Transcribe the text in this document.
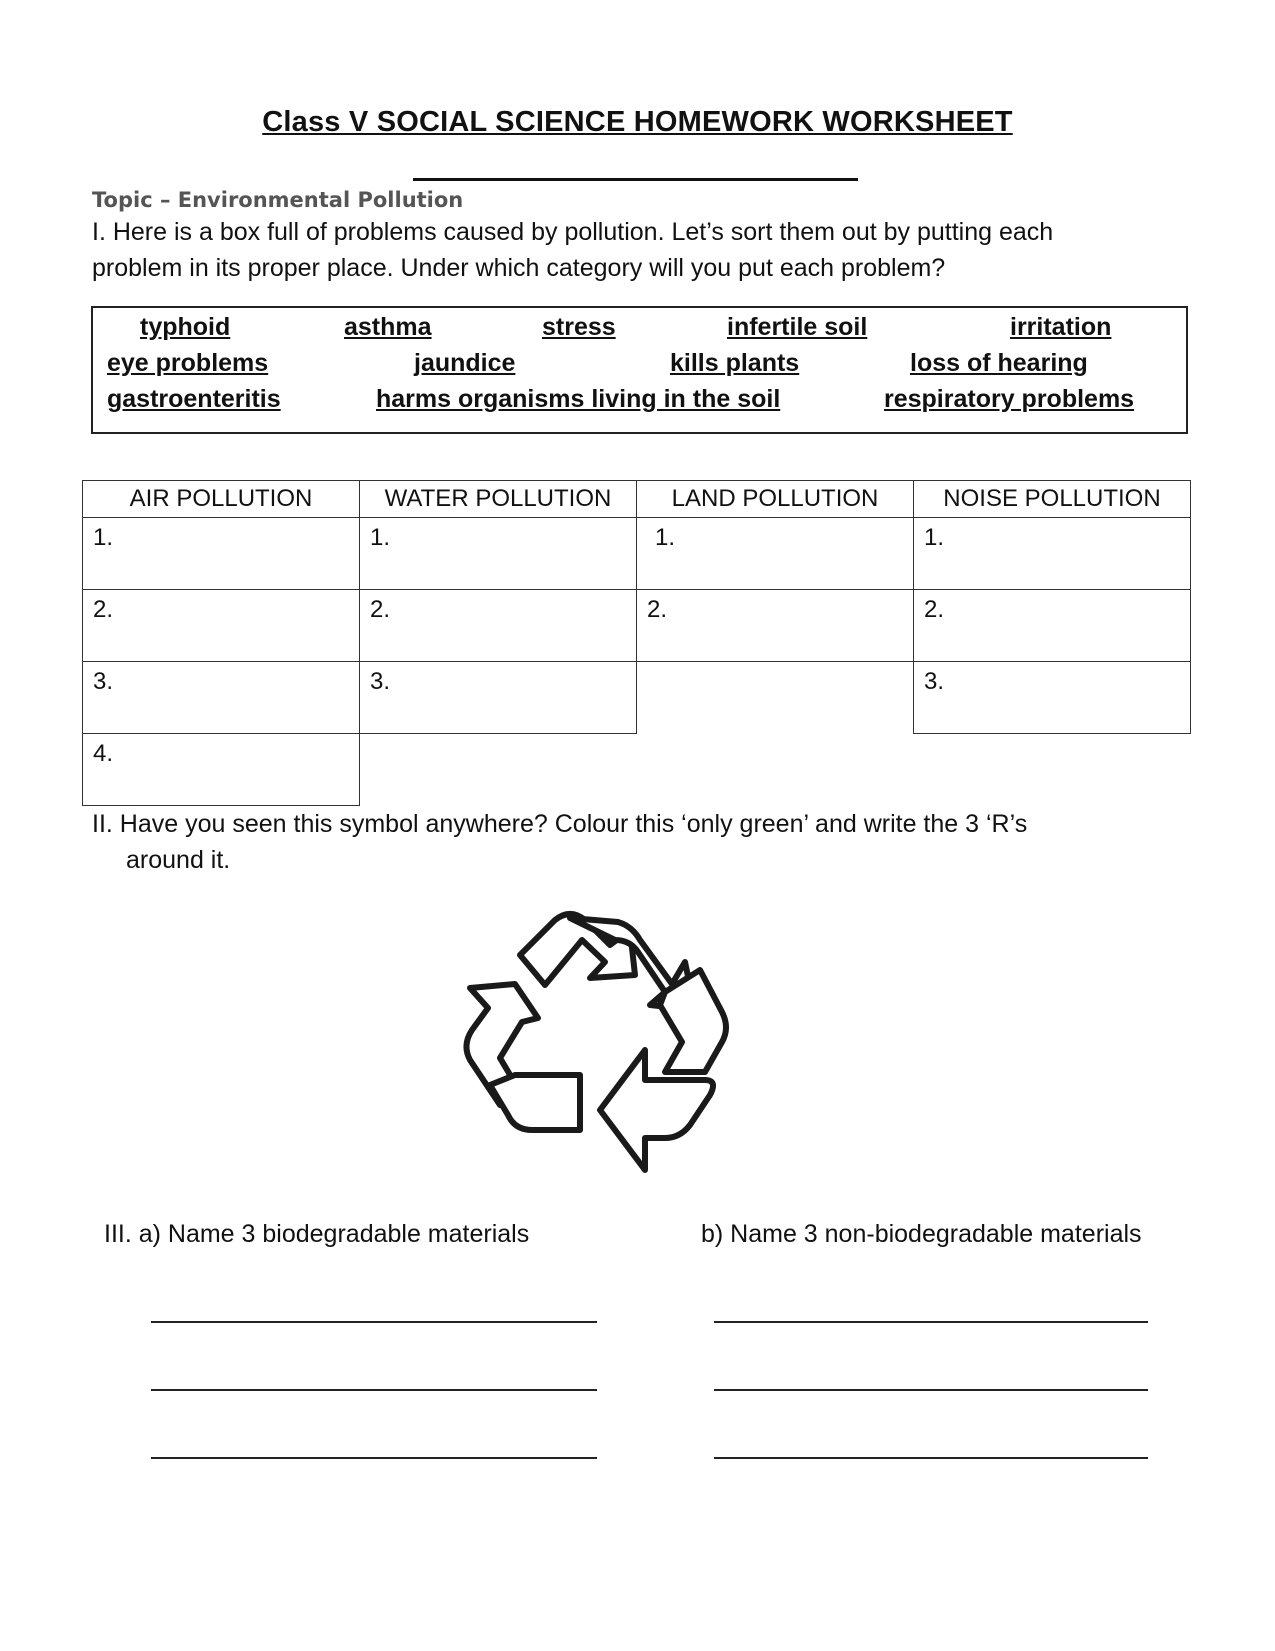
Class V SOCIAL SCIENCE HOMEWORK WORKSHEET
Topic – Environmental Pollution
I. Here is a box full of problems caused by pollution. Let’s sort them out by putting each
problem in its proper place. Under which category will you put each problem?
typhoid	asthma	stress	infertile soil	irritation
eye problems	jaundice	kills plants	loss of hearing
gastroenteritis	harms organisms living in the soil	respiratory problems
AIR POLLUTION	WATER POLLUTION	LAND POLLUTION	NOISE POLLUTION

1.	1.	1.	1.

2.	2.	2.	2.

3.	3.		3.

4.			

II. Have you seen this symbol anywhere? Colour this ‘only green’ and write the 3 ‘R’s
around it.
III. a) Name 3 biodegradable materials	b) Name 3 non-biodegradable materials
